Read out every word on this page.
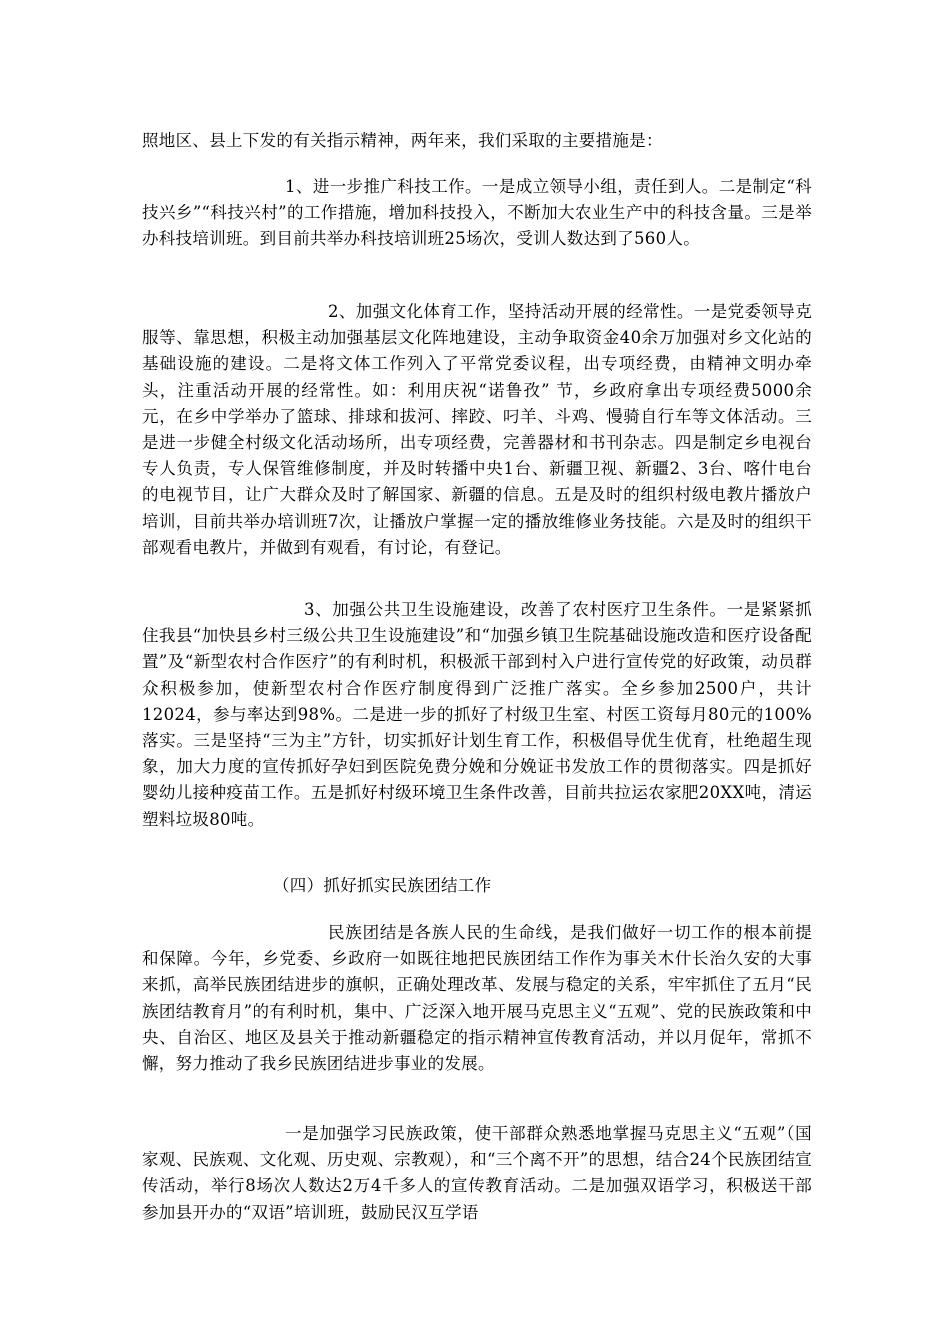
照地区、县上下发的有关指示精神，两年来，我们采取的主要措施是：

1、进一步推广科技工作。一是成立领导小组，责任到人。二是制定“科技兴乡”“科技兴村”的工作措施，增加科技投入，不断加大农业生产中的科技含量。三是举办科技培训班。到目前共举办科技培训班25场次，受训人数达到了560人。

2、加强文化体育工作，坚持活动开展的经常性。一是党委领导克服等、靠思想，积极主动加强基层文化阵地建设，主动争取资金40余万加强对乡文化站的基础设施的建设。二是将文体工作列入了平常党委议程，出专项经费，由精神文明办牵头，注重活动开展的经常性。如：利用庆祝“诺鲁孜” 节，乡政府拿出专项经费5000余元，在乡中学举办了篮球、排球和拔河、摔跤、叼羊、斗鸡、慢骑自行车等文体活动。三是进一步健全村级文化活动场所，出专项经费，完善器材和书刊杂志。四是制定乡电视台专人负责，专人保管维修制度，并及时转播中央1台、新疆卫视、新疆2、3台、喀什电台的电视节目，让广大群众及时了解国家、新疆的信息。五是及时的组织村级电教片播放户培训，目前共举办培训班7次，让播放户掌握一定的播放维修业务技能。六是及时的组织干部观看电教片，并做到有观看，有讨论，有登记。

3、加强公共卫生设施建设，改善了农村医疗卫生条件。一是紧紧抓住我县“加快县乡村三级公共卫生设施建设”和“加强乡镇卫生院基础设施改造和医疗设备配置”及“新型农村合作医疗”的有利时机，积极派干部到村入户进行宣传党的好政策，动员群众积极参加，使新型农村合作医疗制度得到广泛推广落实。全乡参加2500户，共计12024，参与率达到98%。二是进一步的抓好了村级卫生室、村医工资每月80元的100%落实。三是坚持“三为主”方针，切实抓好计划生育工作，积极倡导优生优育，杜绝超生现象，加大力度的宣传抓好孕妇到医院免费分娩和分娩证书发放工作的贯彻落实。四是抓好婴幼儿接种疫苗工作。五是抓好村级环境卫生条件改善，目前共拉运农家肥20XX吨，清运塑料垃圾80吨。

（四）抓好抓实民族团结工作

民族团结是各族人民的生命线，是我们做好一切工作的根本前提和保障。今年，乡党委、乡政府一如既往地把民族团结工作作为事关木什长治久安的大事来抓，高举民族团结进步的旗帜，正确处理改革、发展与稳定的关系，牢牢抓住了五月“民族团结教育月”的有利时机，集中、广泛深入地开展马克思主义“五观”、党的民族政策和中央、自治区、地区及县关于推动新疆稳定的指示精神宣传教育活动，并以月促年，常抓不懈，努力推动了我乡民族团结进步事业的发展。

一是加强学习民族政策，使干部群众熟悉地掌握马克思主义“五观”（国家观、民族观、文化观、历史观、宗教观），和“三个离不开”的思想，结合24个民族团结宣传活动，举行8场次人数达2万4千多人的宣传教育活动。二是加强双语学习，积极送干部参加县开办的“双语”培训班，鼓励民汉互学语
